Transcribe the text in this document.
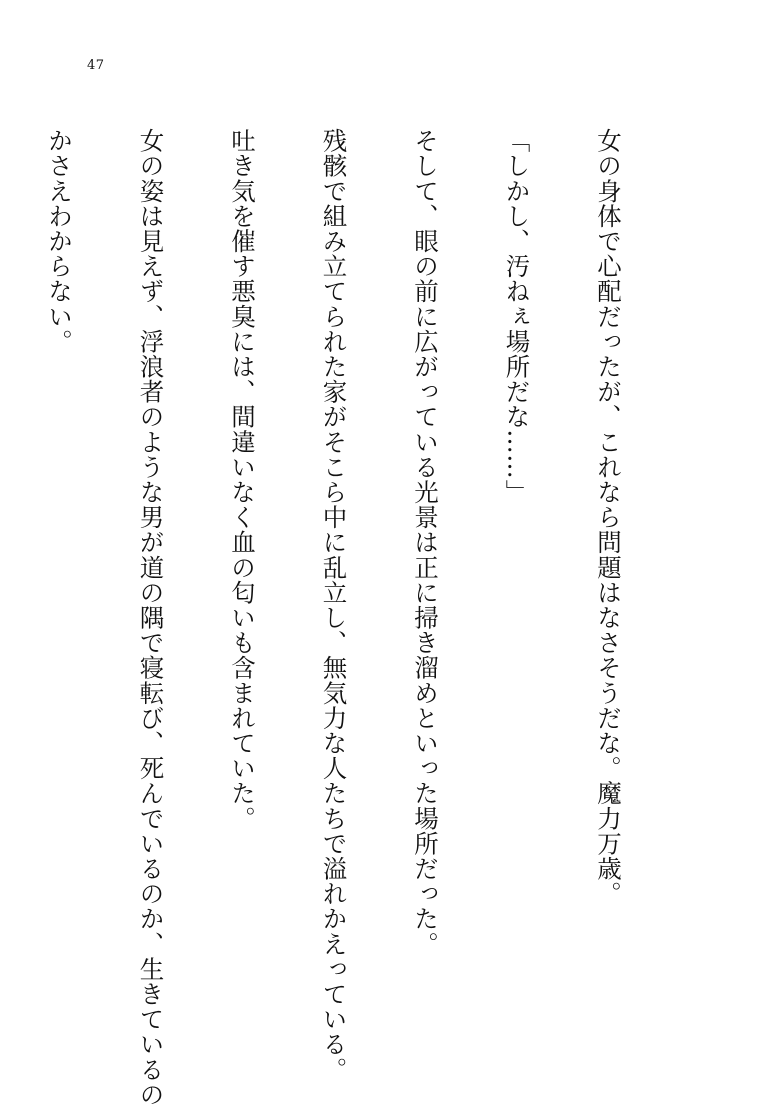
47

女の身体で心配だったが、これなら問題はなさそうだな。魔力万歳。

「しかし、汚ねぇ場所だな……」

そして、眼の前に広がっている光景は正に掃き溜めといった場所だった。

残骸で組み立てられた家がそこら中に乱立し、無気力な人たちで溢れかえっている。

吐き気を催す悪臭には、間違いなく血の匂いも含まれていた。

女の姿は見えず、浮浪者のような男が道の隅で寝転び、死んでいるのか、生きているの

かさえわからない。
